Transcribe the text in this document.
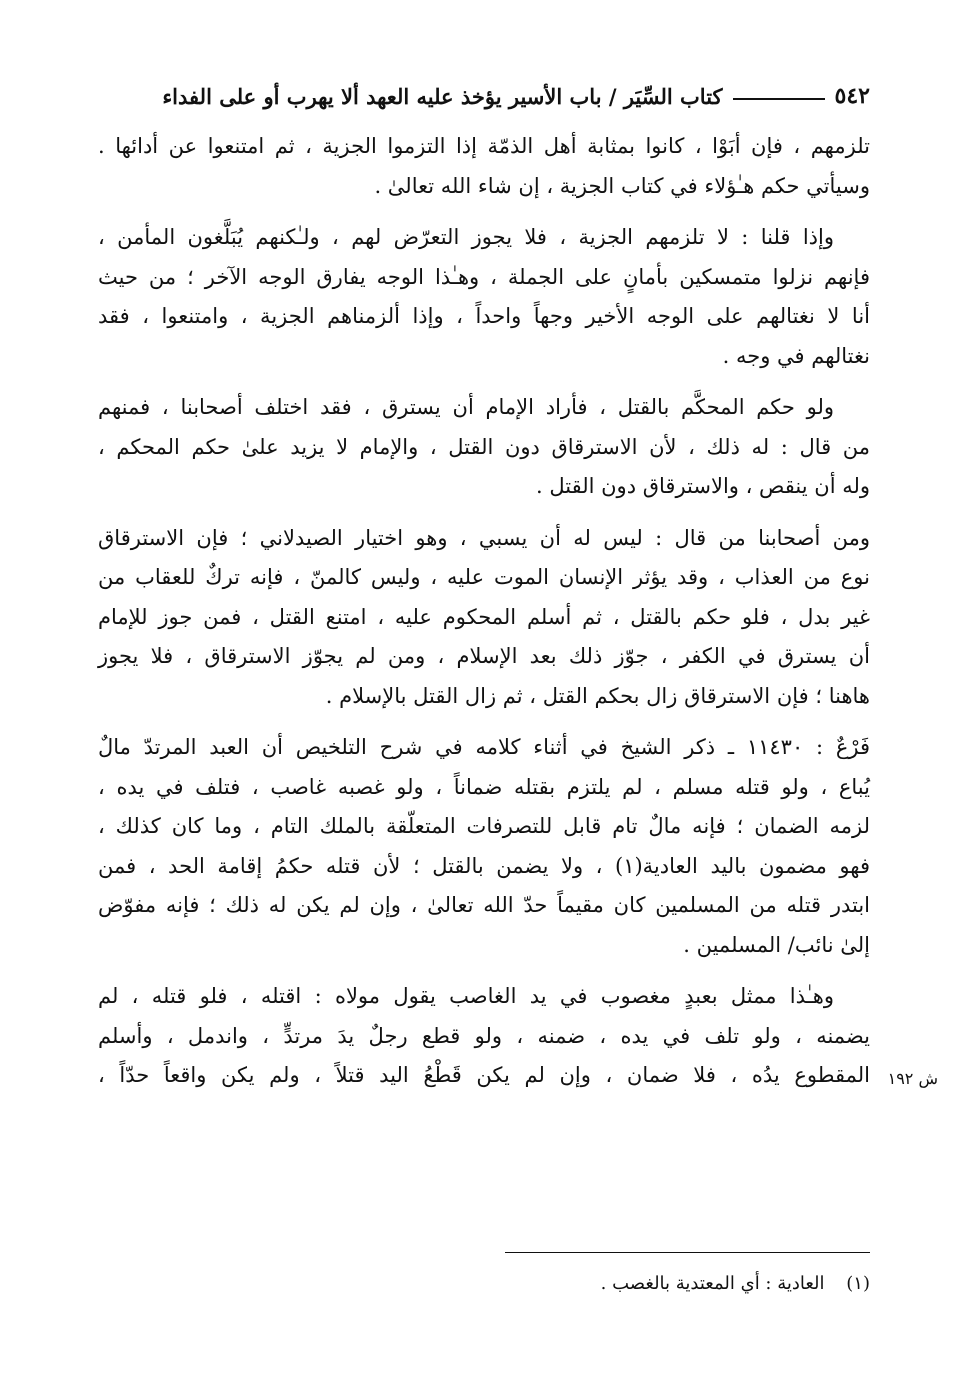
٥٤٢
كتاب السِّيَر / باب الأسير يؤخذ عليه العهد ألا يهرب أو على الفداء

تلزمهم ، فإن أبَوْا ، كانوا بمثابة أهل الذمّة إذا التزموا الجزية ، ثم امتنعوا عن أدائها .
وسيأتي حكم هـٰؤلاء في كتاب الجزية ، إن شاء الله تعالىٰ .

وإذا قلنا : لا تلزمهم الجزية ، فلا يجوز التعرّض لهم ، ولـٰكنهم يُبَلَّغون المأمن ،
فإنهم نزلوا متمسكين بأمانٍ على الجملة ، وهـٰذا الوجه يفارق الوجه الآخر ؛ من حيث
أنا لا نغتالهم على الوجه الأخير وجهاً واحداً ، وإذا ألزمناهم الجزية ، وامتنعوا ، فقد
نغتالهم في وجه .

ولو حكم المحكَّم بالقتل ، فأراد الإمام أن يسترق ، فقد اختلف أصحابنا ، فمنهم
من قال : له ذلك ، لأن الاسترقاق دون القتل ، والإمام لا يزيد علىٰ حكم المحكم ،
وله أن ينقص ، والاسترقاق دون القتل .

ومن أصحابنا من قال : ليس له أن يسبي ، وهو اختيار الصيدلاني ؛ فإن الاسترقاق
نوع من العذاب ، وقد يؤثر الإنسان الموت عليه ، وليس كالمنّ ، فإنه تركٌ للعقاب من
غير بدل ، فلو حكم بالقتل ، ثم أسلم المحكوم عليه ، امتنع القتل ، فمن جوز للإمام
أن يسترق في الكفر ، جوّز ذلك بعد الإسلام ، ومن لم يجوّز الاسترقاق ، فلا يجوز
هاهنا ؛ فإن الاسترقاق زال بحكم القتل ، ثم زال القتل بالإسلام .

فَرْعٌ : ١١٤٣٠ ـ ذكر الشيخ في أثناء كلامه في شرح التلخيص أن العبد المرتدّ مالٌ
يُباع ، ولو قتله مسلم ، لم يلتزم بقتله ضماناً ، ولو غصبه غاصب ، فتلف في يده ،
لزمه الضمان ؛ فإنه مالٌ تام قابل للتصرفات المتعلّقة بالملك التام ، وما كان كذلك ،
فهو مضمون باليد العادية(١) ، ولا يضمن بالقتل ؛ لأن قتله حكمُ إقامة الحد ، فمن
ابتدر قتله من المسلمين كان مقيماً حدّ الله تعالىٰ ، وإن لم يكن له ذلك ؛ فإنه مفوّض
إلىٰ نائب/ المسلمين .

وهـٰذا ممثل بعبدٍ مغصوب في يد الغاصب يقول مولاه : اقتله ، فلو قتله ، لم
يضمنه ، ولو تلف في يده ، ضمنه ، ولو قطع رجلٌ يدَ مرتدٍّ ، واندمل ، وأسلم
المقطوع يدُه ، فلا ضمان ، وإن لم يكن قَطْعُ اليد قتلاً ، ولم يكن واقعاً حدّاً ،	ش ١٩٢
(١) العادية : أي المعتدية بالغصب .
